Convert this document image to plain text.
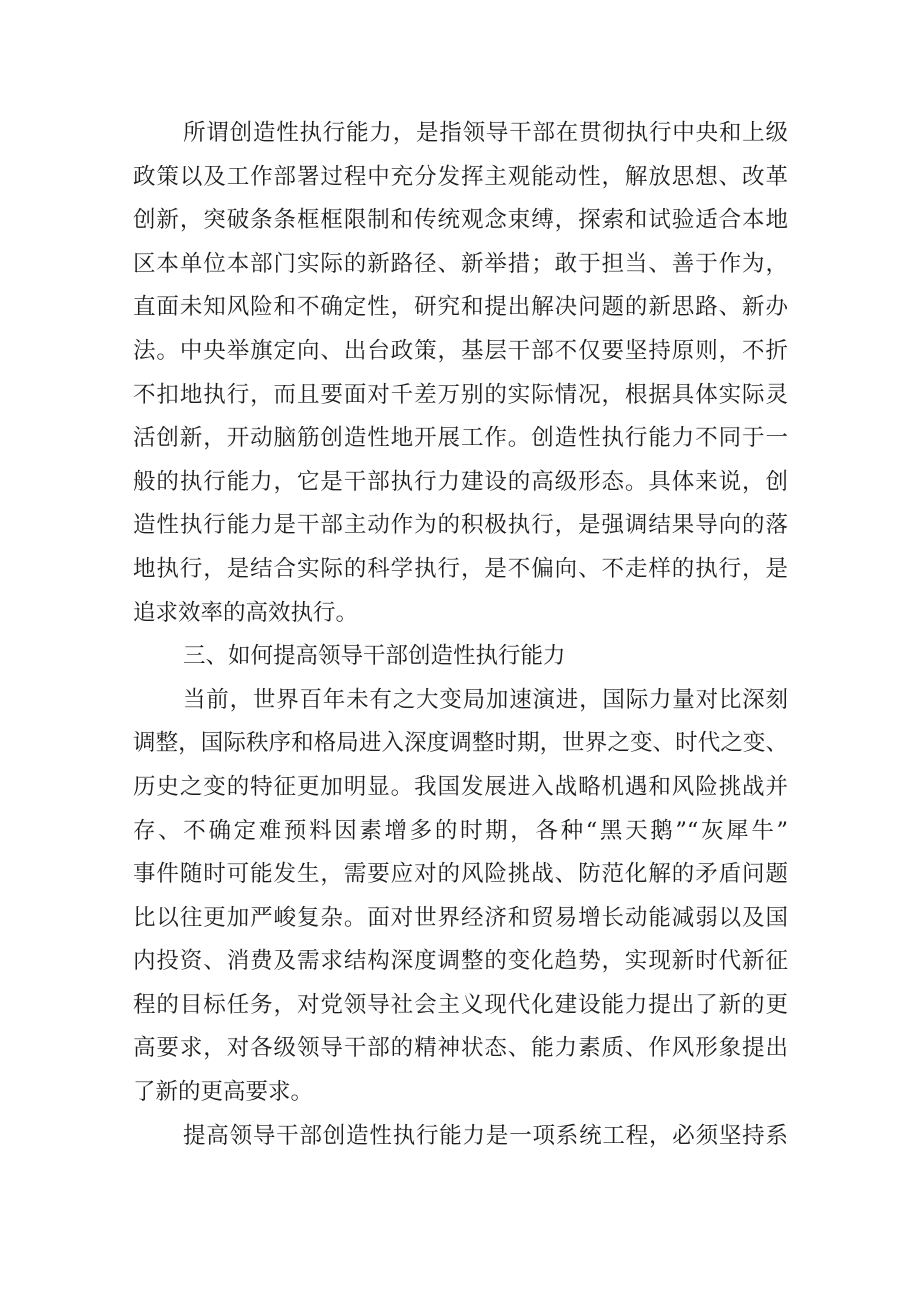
所谓创造性执行能力，是指领导干部在贯彻执行中央和上级
政策以及工作部署过程中充分发挥主观能动性，解放思想、改革
创新，突破条条框框限制和传统观念束缚，探索和试验适合本地
区本单位本部门实际的新路径、新举措；敢于担当、善于作为，
直面未知风险和不确定性，研究和提出解决问题的新思路、新办
法。中央举旗定向、出台政策，基层干部不仅要坚持原则，不折
不扣地执行，而且要面对千差万别的实际情况，根据具体实际灵
活创新，开动脑筋创造性地开展工作。创造性执行能力不同于一
般的执行能力，它是干部执行力建设的高级形态。具体来说，创
造性执行能力是干部主动作为的积极执行，是强调结果导向的落
地执行，是结合实际的科学执行，是不偏向、不走样的执行，是
追求效率的高效执行。
三、如何提高领导干部创造性执行能力
当前，世界百年未有之大变局加速演进，国际力量对比深刻
调整，国际秩序和格局进入深度调整时期，世界之变、时代之变、
历史之变的特征更加明显。我国发展进入战略机遇和风险挑战并
存、不确定难预料因素增多的时期，各种“黑天鹅”“灰犀牛”
事件随时可能发生，需要应对的风险挑战、防范化解的矛盾问题
比以往更加严峻复杂。面对世界经济和贸易增长动能减弱以及国
内投资、消费及需求结构深度调整的变化趋势，实现新时代新征
程的目标任务，对党领导社会主义现代化建设能力提出了新的更
高要求，对各级领导干部的精神状态、能力素质、作风形象提出
了新的更高要求。
提高领导干部创造性执行能力是一项系统工程，必须坚持系
